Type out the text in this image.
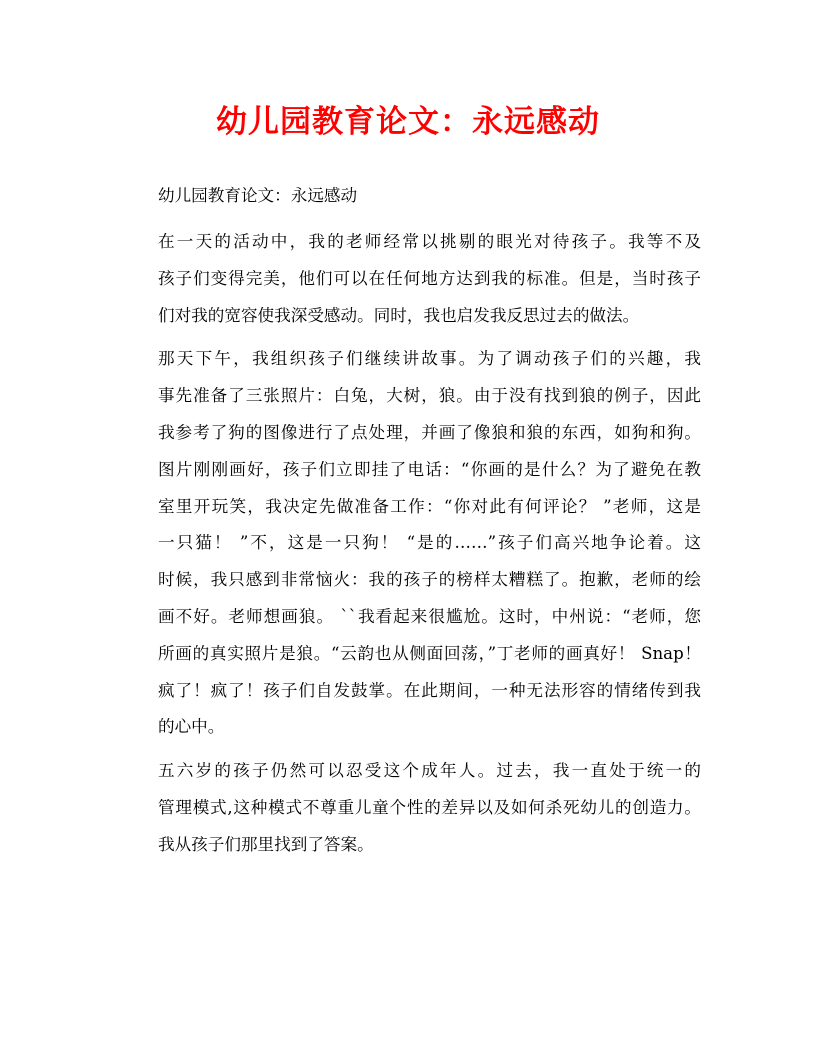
幼儿园教育论文：永远感动

幼儿园教育论文：永远感动

在一天的活动中，我的老师经常以挑剔的眼光对待孩子。我等不及
孩子们变得完美，他们可以在任何地方达到我的标准。但是，当时孩子
们对我的宽容使我深受感动。同时，我也启发我反思过去的做法。
那天下午，我组织孩子们继续讲故事。为了调动孩子们的兴趣，我
事先准备了三张照片：白兔，大树，狼。由于没有找到狼的例子，因此
我参考了狗的图像进行了点处理，并画了像狼和狼的东西，如狗和狗。
图片刚刚画好，孩子们立即挂了电话：“你画的是什么？为了避免在教
室里开玩笑，我决定先做准备工作：“你对此有何评论？ ”老师，这是
一只猫！ ”不，这是一只狗！ “是的……”孩子们高兴地争论着。这
时候，我只感到非常恼火：我的孩子的榜样太糟糕了。抱歉，老师的绘
画不好。老师想画狼。 ``我看起来很尴尬。这时，中州说：“老师，您
所画的真实照片是狼。“云韵也从侧面回荡，”丁老师的画真好！ Snap！
疯了！疯了！孩子们自发鼓掌。在此期间，一种无法形容的情绪传到我
的心中。
五六岁的孩子仍然可以忍受这个成年人。过去，我一直处于统一的
管理模式,这种模式不尊重儿童个性的差异以及如何杀死幼儿的创造力。
我从孩子们那里找到了答案。
